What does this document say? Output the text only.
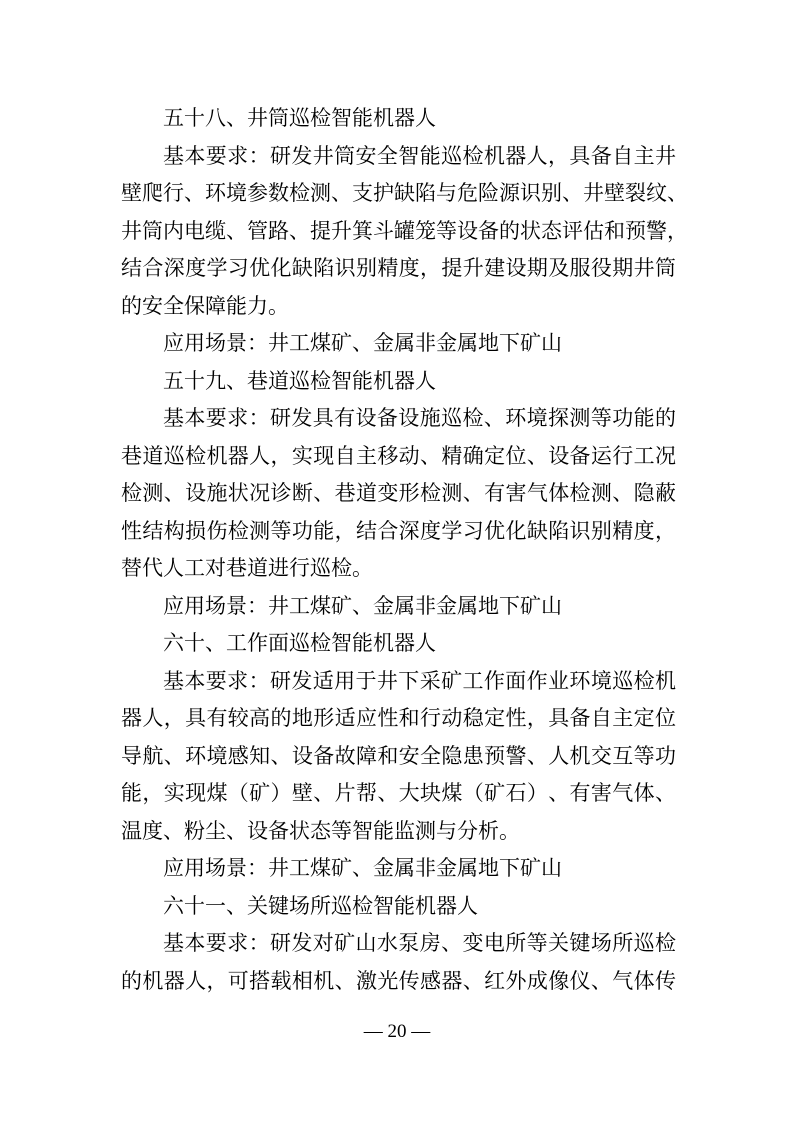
五十八、井筒巡检智能机器人
基 本 要 求 ： 研 发 井 筒 安 全 智 能 巡 检 机 器 人 ， 具 备 自 主 井
壁 爬 行 、 环 境 参 数 检 测 、 支 护 缺 陷 与 危 险 源 识 别 、 井 壁 裂 纹 、
井 筒 内 电 缆 、 管 路 、 提 升 箕 斗 罐 笼 等 设 备 的 状 态 评 估 和 预 警 ，
结 合 深 度 学 习 优 化 缺 陷 识 别 精 度 ， 提 升 建 设 期 及 服 役 期 井 筒
的安全保障能力。
应用场景：井工煤矿、金属非金属地下矿山
五十九、巷道巡检智能机器人
基 本 要 求 ： 研 发 具 有 设 备 设 施 巡 检 、 环 境 探 测 等 功 能 的
巷 道 巡 检 机 器 人 ， 实 现 自 主 移 动 、 精 确 定 位 、 设 备 运 行 工 况
检 测 、 设 施 状 况 诊 断 、 巷 道 变 形 检 测 、 有 害 气 体 检 测 、 隐 蔽
性 结 构 损 伤 检 测 等 功 能 ， 结 合 深 度 学 习 优 化 缺 陷 识 别 精 度 ，
替代人工对巷道进行巡检。
应用场景：井工煤矿、金属非金属地下矿山
六十、工作面巡检智能机器人
基 本 要 求 ： 研 发 适 用 于 井 下 采 矿 工 作 面 作 业 环 境 巡 检 机
器 人 ， 具 有 较 高 的 地 形 适 应 性 和 行 动 稳 定 性 ， 具 备 自 主 定 位
导 航 、 环 境 感 知 、 设 备 故 障 和 安 全 隐 患 预 警 、 人 机 交 互 等 功
能 ， 实 现 煤 （ 矿 ） 壁 、 片 帮 、 大 块 煤 （ 矿 石 ） 、 有 害 气 体 、
温度、粉尘、设备状态等智能监测与分析。
应用场景：井工煤矿、金属非金属地下矿山
六十一、关键场所巡检智能机器人
基 本 要 求 ： 研 发 对 矿 山 水 泵 房 、 变 电 所 等 关 键 场 所 巡 检
的 机 器 人 ， 可 搭 载 相 机 、 激 光 传 感 器 、 红 外 成 像 仪 、 气 体 传
— 20 —
